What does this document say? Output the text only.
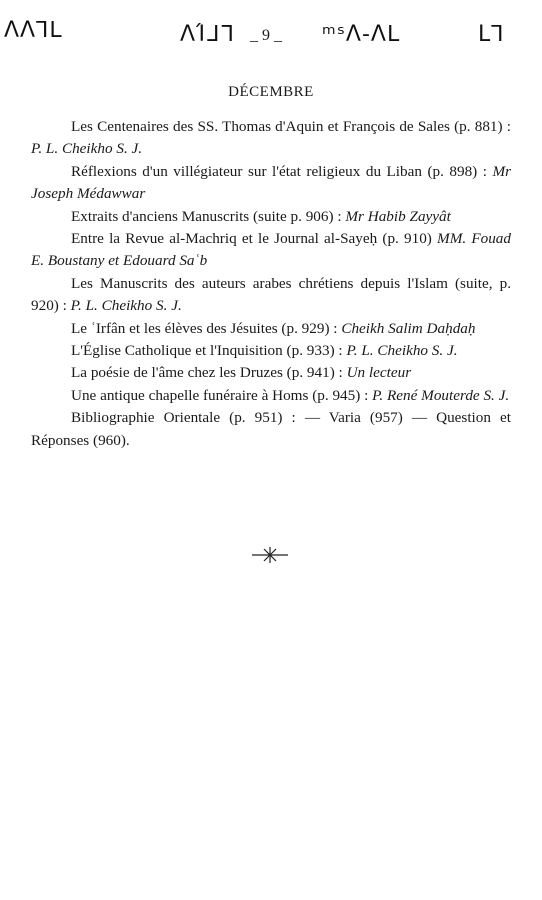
ΛΛ⅂ᒪ	ΛΊᒧᒣ	ᵐˢΛ-Λᒪ	L⅂
_ 9 _
DÉCEMBRE

Les Centenaires des SS. Thomas d'Aquin et François de Sales (p. 881) : P. L. Cheikho S. J.

Réflexions d'un villégiateur sur l'état religieux du Liban (p. 898) : Mr Joseph Médawwar

Extraits d'anciens Manuscrits (suite p. 906) : Mr Habib Zayyât

Entre la Revue al-Machriq et le Journal al-Sayeḥ (p. 910) MM. Fouad E. Boustany et Edouard Saʿb

Les Manuscrits des auteurs arabes chrétiens depuis l'Islam (suite, p. 920) : P. L. Cheikho S. J.

Le ʿIrfân et les élèves des Jésuites (p. 929) : Cheikh Salim Daḥdaḥ

L'Église Catholique et l'Inquisition (p. 933) : P. L. Cheikho S. J.

La poésie de l'âme chez les Druzes (p. 941) : Un lecteur

Une antique chapelle funéraire à Homs (p. 945) : P. René Mouterde S. J.

Bibliographie Orientale (p. 951) : — Varia (957) — Question et Réponses (960).
